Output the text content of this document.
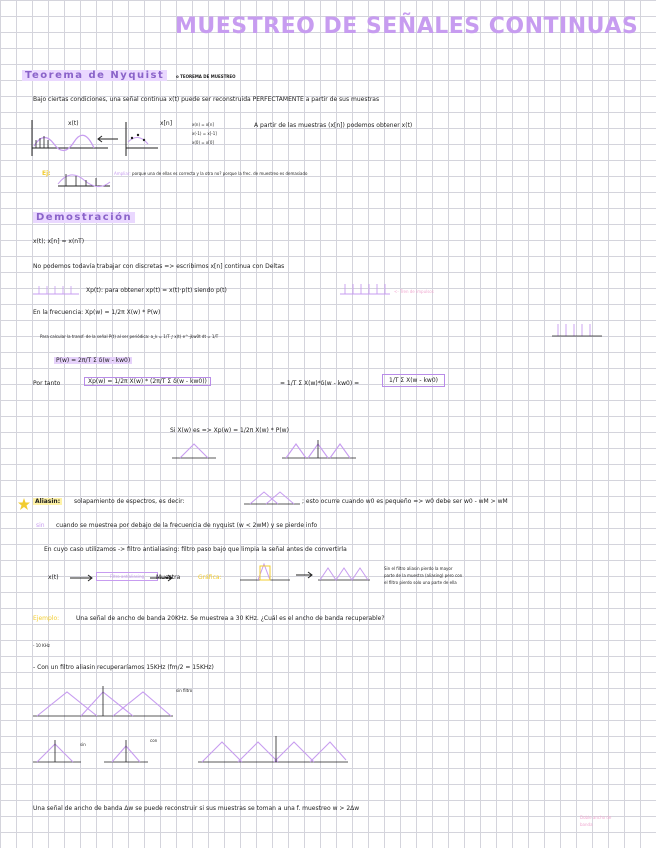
MUESTREO DE SEÑALES CONTINUAS
Teorema de Nyquist	o TEOREMA DE MUESTREO
Bajo ciertas condiciones, una señal continua x(t) puede ser reconstruida PERFECTAMENTE a partir de sus muestras
x(t)	x[n]	x(n) = x[n]
x(-1) = x[-1]
x(0) = x[0]
A partir de las muestras (x[n]) podemos obtener x(t)
Ej:	Ampliar: porque una de ellas es correcta y la otra no? porque la frec. de muestreo es demasiado
Demostración
x(t); x[n] = x(nT)
No podemos todavía trabajar con discretas => escribimos x[n] continua con Deltas
Xp(t): para obtener xp(t) = x(t)·p(t) siendo p(t)	<- Tren de impulsos
En la frecuencia: Xp(w) = 1/2π X(w) * P(w)
Para calcular la transf. de la señal P(t) al ser periódica: a_k = 1/T ∫ x(t) e^-jkw0t dt = 1/T
P(w) = 2π/T Σ δ(w - kw0)
Por tanto	Xp(w) = 1/2π X(w) * (2π/T Σ δ(w - kw0))	= 1/T Σ X(w)*δ(w - kw0) =	1/T Σ X(w - kw0)
Si X(w) es => Xp(w) = 1/2π X(w) * P(w)
Aliasin:	solapamiento de espectros, es decir:	; esto ocurre cuando w0 es pequeño => w0 debe ser w0 - wM > wM
sin cuando se muestrea por debajo de la frecuencia de nyquist (w < 2wM) y se pierde info
En cuyo caso utilizamos -> filtro antialiasing: filtro paso bajo que limpia la señal antes de convertirla
x(t)	Filtro antialiasing	Muestra	Gráfica:
Sin el filtro aliasin pierdo la mayor
parte de la muestra (aliasing) pero con
el filtro pierdo solo una parte de ella
Ejemplo:	Una señal de ancho de banda 20KHz. Se muestrea a 30 KHz. ¿Cuál es el ancho de banda recuperable?
- 10 KHz
- Con un filtro aliasin recuperaríamos 15KHz (fm/2 = 15KHz)
sin filtro
con
sin
Una señal de ancho de banda Δw se puede reconstruir si sus muestras se toman a una f. muestreo w > 2Δw
Doble ancho de
banda
